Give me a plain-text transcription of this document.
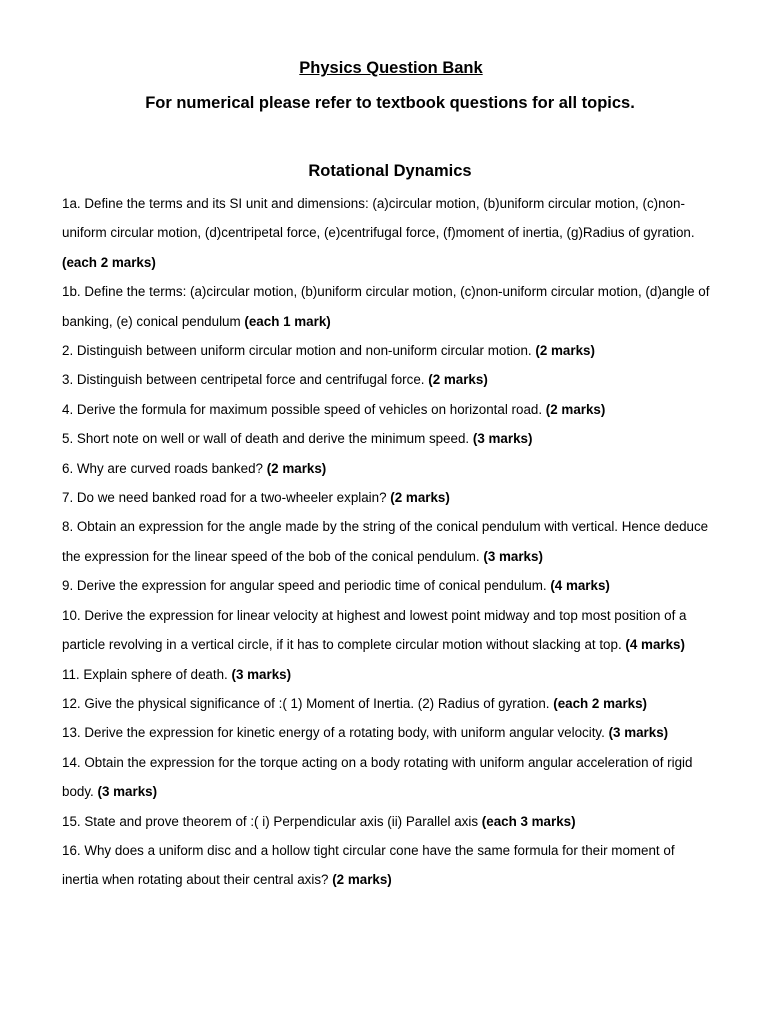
Physics Question Bank
For numerical please refer to textbook questions for all topics.
Rotational Dynamics
1a. Define the terms and its SI unit and dimensions: (a)circular motion, (b)uniform circular motion, (c)non-uniform circular motion, (d)centripetal force, (e)centrifugal force, (f)moment of inertia, (g)Radius of gyration. (each 2 marks)
1b. Define the terms: (a)circular motion, (b)uniform circular motion, (c)non-uniform circular motion, (d)angle of banking, (e) conical pendulum (each 1 mark)
2. Distinguish between uniform circular motion and non-uniform circular motion. (2 marks)
3. Distinguish between centripetal force and centrifugal force. (2 marks)
4. Derive the formula for maximum possible speed of vehicles on horizontal road. (2 marks)
5. Short note on well or wall of death and derive the minimum speed. (3 marks)
6. Why are curved roads banked? (2 marks)
7. Do we need banked road for a two-wheeler explain? (2 marks)
8. Obtain an expression for the angle made by the string of the conical pendulum with vertical. Hence deduce the expression for the linear speed of the bob of the conical pendulum. (3 marks)
9. Derive the expression for angular speed and periodic time of conical pendulum. (4 marks)
10. Derive the expression for linear velocity at highest and lowest point midway and top most position of a particle revolving in a vertical circle, if it has to complete circular motion without slacking at top. (4 marks)
11. Explain sphere of death. (3 marks)
12. Give the physical significance of :( 1) Moment of Inertia. (2) Radius of gyration. (each 2 marks)
13. Derive the expression for kinetic energy of a rotating body, with uniform angular velocity. (3 marks)
14. Obtain the expression for the torque acting on a body rotating with uniform angular acceleration of rigid body. (3 marks)
15. State and prove theorem of :( i) Perpendicular axis (ii) Parallel axis (each 3 marks)
16. Why does a uniform disc and a hollow tight circular cone have the same formula for their moment of inertia when rotating about their central axis? (2 marks)
